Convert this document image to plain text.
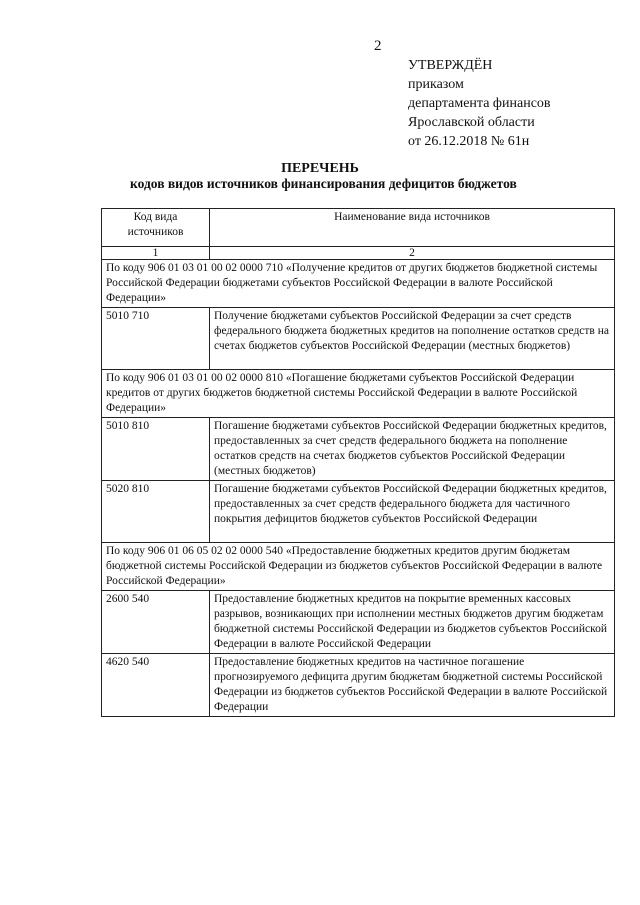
2
УТВЕРЖДЁН
приказом
департамента финансов
Ярославской области
от 26.12.2018 № 61н
ПЕРЕЧЕНЬ
кодов видов источников финансирования дефицитов бюджетов
Код вида источников	Наименование вида источников
1	2
По коду 906 01 03 01 00 02 0000 710 «Получение кредитов от других бюджетов бюджетной системы Российской Федерации бюджетами субъектов Российской Федерации в валюте Российской Федерации»	
5010 710	Получение бюджетами субъектов Российской Федерации за счет средств федерального бюджета бюджетных кредитов на пополнение остатков средств на счетах бюджетов субъектов Российской Федерации (местных бюджетов)
По коду 906 01 03 01 00 02 0000 810 «Погашение бюджетами субъектов Российской Федерации кредитов от других бюджетов бюджетной системы Российской Федерации в валюте Российской Федерации»	
5010 810	Погашение бюджетами субъектов Российской Федерации бюджетных кредитов, предоставленных за счет средств федерального бюджета на пополнение остатков средств на счетах бюджетов субъектов Российской Федерации (местных бюджетов)
5020 810	Погашение бюджетами субъектов Российской Федерации бюджетных кредитов, предоставленных за счет средств федерального бюджета для частичного покрытия дефицитов бюджетов субъектов Российской Федерации
По коду 906 01 06 05 02 02 0000 540 «Предоставление бюджетных кредитов другим бюджетам бюджетной системы Российской Федерации из бюджетов субъектов Российской Федерации в валюте Российской Федерации»	
2600 540	Предоставление бюджетных кредитов на покрытие временных кассовых разрывов, возникающих при исполнении местных бюджетов другим бюджетам бюджетной системы Российской Федерации из бюджетов субъектов Российской Федерации в валюте Российской Федерации
4620 540	Предоставление бюджетных кредитов на частичное погашение прогнозируемого дефицита другим бюджетам бюджетной системы Российской Федерации из бюджетов субъектов Российской Федерации в валюте Российской Федерации
